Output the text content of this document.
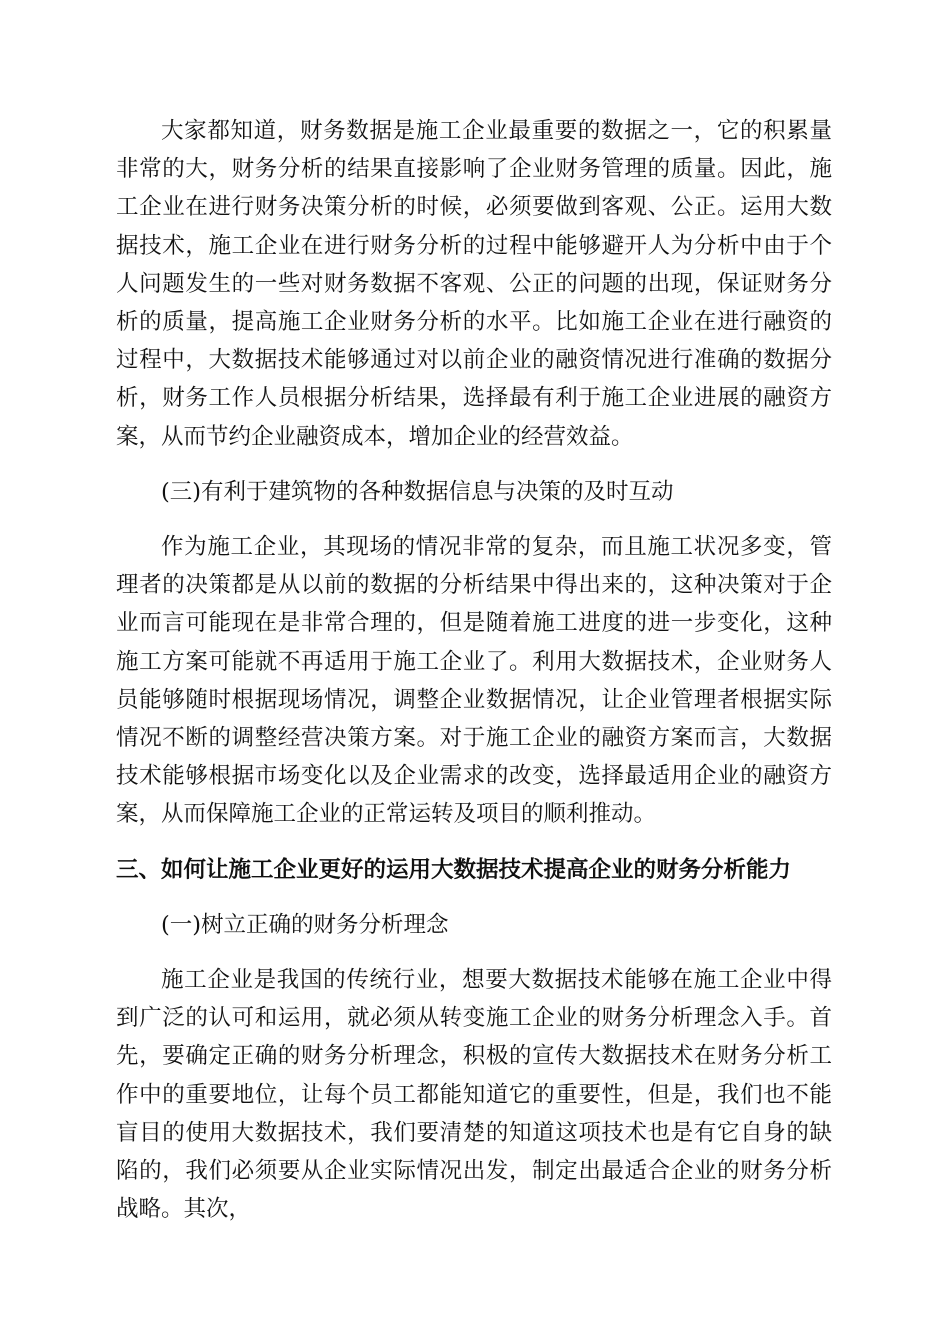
大家都知道，财务数据是施工企业最重要的数据之一，它的积累量非常的大，财务分析的结果直接影响了企业财务管理的质量。因此，施工企业在进行财务决策分析的时候，必须要做到客观、公正。运用大数据技术，施工企业在进行财务分析的过程中能够避开人为分析中由于个人问题发生的一些对财务数据不客观、公正的问题的出现，保证财务分析的质量，提高施工企业财务分析的水平。比如施工企业在进行融资的过程中，大数据技术能够通过对以前企业的融资情况进行准确的数据分析，财务工作人员根据分析结果，选择最有利于施工企业进展的融资方案，从而节约企业融资成本，增加企业的经营效益。

(三)有利于建筑物的各种数据信息与决策的及时互动

作为施工企业，其现场的情况非常的复杂，而且施工状况多变，管理者的决策都是从以前的数据的分析结果中得出来的，这种决策对于企业而言可能现在是非常合理的，但是随着施工进度的进一步变化，这种施工方案可能就不再适用于施工企业了。利用大数据技术，企业财务人员能够随时根据现场情况，调整企业数据情况，让企业管理者根据实际情况不断的调整经营决策方案。对于施工企业的融资方案而言，大数据技术能够根据市场变化以及企业需求的改变，选择最适用企业的融资方案，从而保障施工企业的正常运转及项目的顺利推动。

三、如何让施工企业更好的运用大数据技术提高企业的财务分析能力

(一)树立正确的财务分析理念

施工企业是我国的传统行业，想要大数据技术能够在施工企业中得到广泛的认可和运用，就必须从转变施工企业的财务分析理念入手。首先，要确定正确的财务分析理念，积极的宣传大数据技术在财务分析工作中的重要地位，让每个员工都能知道它的重要性，但是，我们也不能盲目的使用大数据技术，我们要清楚的知道这项技术也是有它自身的缺陷的，我们必须要从企业实际情况出发，制定出最适合企业的财务分析战略。其次，
